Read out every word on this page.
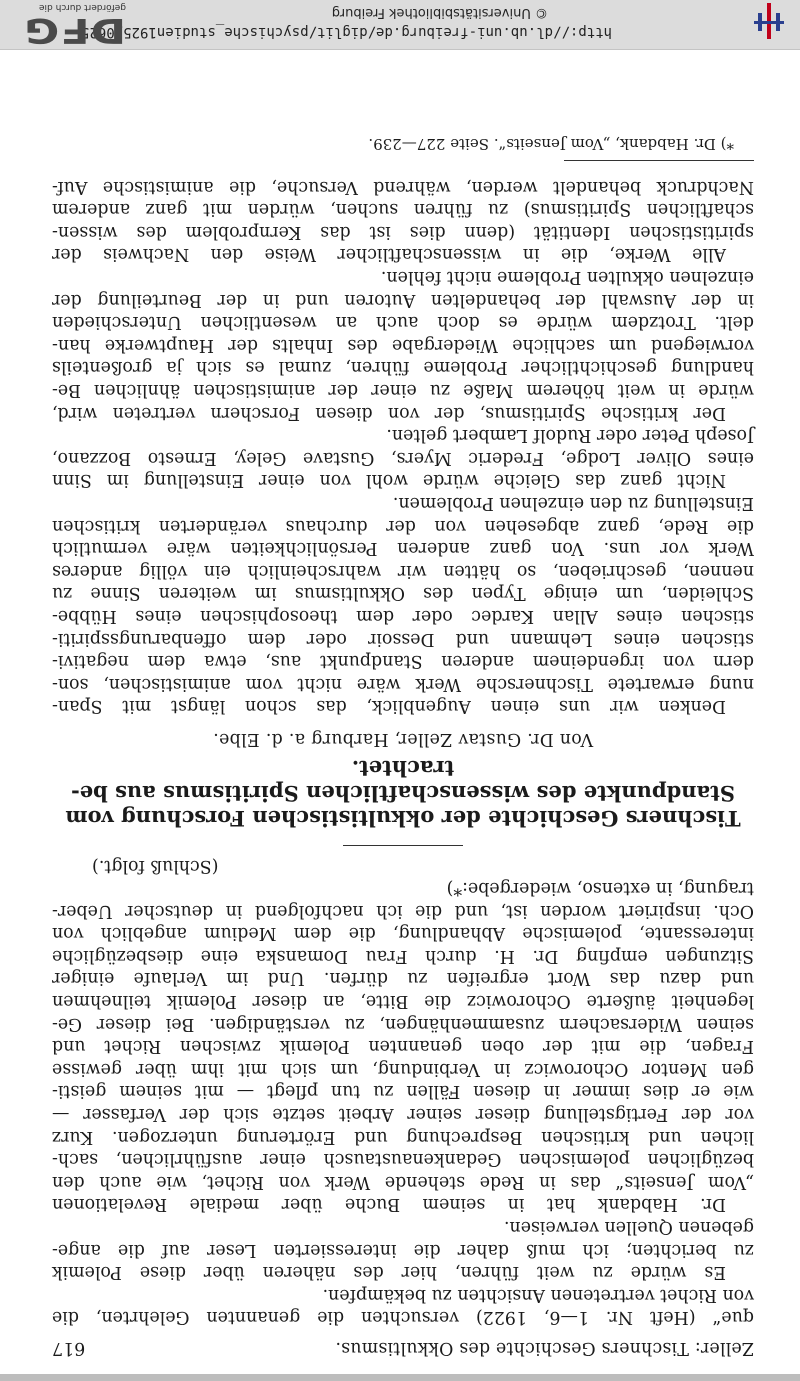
Zeller: Tischners Geschichte des Okkultismus.
617
que“ (Heft Nr. 1—6, 1922) versuchten die genannten Gelehrten, die
von Richet vertretenen Ansichten zu bekämpfen.
Es würde zu weit führen, hier des näheren über diese Polemik
zu berichten; ich muß daher die interessierten Leser auf die ange-
gebenen Quellen verweisen.
Dr. Habdank hat in seinem Buche über mediale Revelationen
„Vom Jenseits“ das in Rede stehende Werk von Richet, wie auch den
bezüglichen polemischen Gedankenaustausch einer ausführlichen, sach-
lichen und kritischen Besprechung und Erörterung unterzogen. Kurz
vor der Fertigstellung dieser seiner Arbeit setzte sich der Verfasser —
wie er dies immer in diesen Fällen zu tun pflegt — mit seinem geisti-
gen Mentor Ochorowicz in Verbindung, um sich mit ihm über gewisse
Fragen, die mit der oben genannten Polemik zwischen Richet und
seinen Widersachern zusammenhängen, zu verständigen. Bei dieser Ge-
legenheit äußerte Ochorowicz die Bitte, an dieser Polemik teilnehmen
und dazu das Wort ergreifen zu dürfen. Und im Verlaufe einiger
Sitzungen empfing Dr. H. durch Frau Domanska eine diesbezügliche
interessante, polemische Abhandlung, die dem Medium angeblich von
Och. inspiriert worden ist, und die ich nachfolgend in deutscher Ueber-
tragung, in extenso, wiedergebe:*)
(Schluß folgt.)
Tischners Geschichte der okkultistischen Forschung vom
Standpunkte des wissenschaftlichen Spiritismus aus be-
trachtet.
Von Dr. Gustav Zeller, Harburg a. d. Elbe.
Denken wir uns einen Augenblick, das schon längst mit Span-
nung erwartete Tischnersche Werk wäre nicht vom animistischen, son-
dern von irgendeinem anderen Standpunkt aus, etwa dem negativi-
stischen eines Lehmann und Dessoir oder dem offenbarungsspiriti-
stischen eines Allan Kardec oder dem theosophischen eines Hübbe-
Schleiden, um einige Typen des Okkultismus im weiteren Sinne zu
nennen, geschrieben, so hätten wir wahrscheinlich ein völlig anderes
Werk vor uns. Von ganz anderen Persönlichkeiten wäre vermutlich
die Rede, ganz abgesehen von der durchaus veränderten kritischen
Einstellung zu den einzelnen Problemen.
Nicht ganz das Gleiche würde wohl von einer Einstellung im Sinn
eines Oliver Lodge, Frederic Myers, Gustave Geley, Ernesto Bozzano,
Joseph Peter oder Rudolf Lambert gelten.
Der kritische Spiritismus, der von diesen Forschern vertreten wird,
würde in weit höherem Maße zu einer der animistischen ähnlichen Be-
handlung geschichtlicher Probleme führen, zumal es sich ja großenteils
vorwiegend um sachliche Wiedergabe des Inhalts der Hauptwerke han-
delt. Trotzdem würde es doch auch an wesentlichen Unterschieden
in der Auswahl der behandelten Autoren und in der Beurteilung der
einzelnen okkulten Probleme nicht fehlen.
Alle Werke, die in wissenschaftlicher Weise den Nachweis der
spiritistischen Identität (denn dies ist das Kernproblem des wissen-
schaftlichen Spiritismus) zu führen suchen, würden mit ganz anderem
Nachdruck behandelt werden, während Versuche, die animistische Auf-
*) Dr. Habdank, „Vom Jenseits“. Seite 227—239.
http://dl.ub.uni-freiburg.de/diglit/psychische_studien1925/0625
© Universitätsbibliothek Freiburg
DFG
gefördert durch die
